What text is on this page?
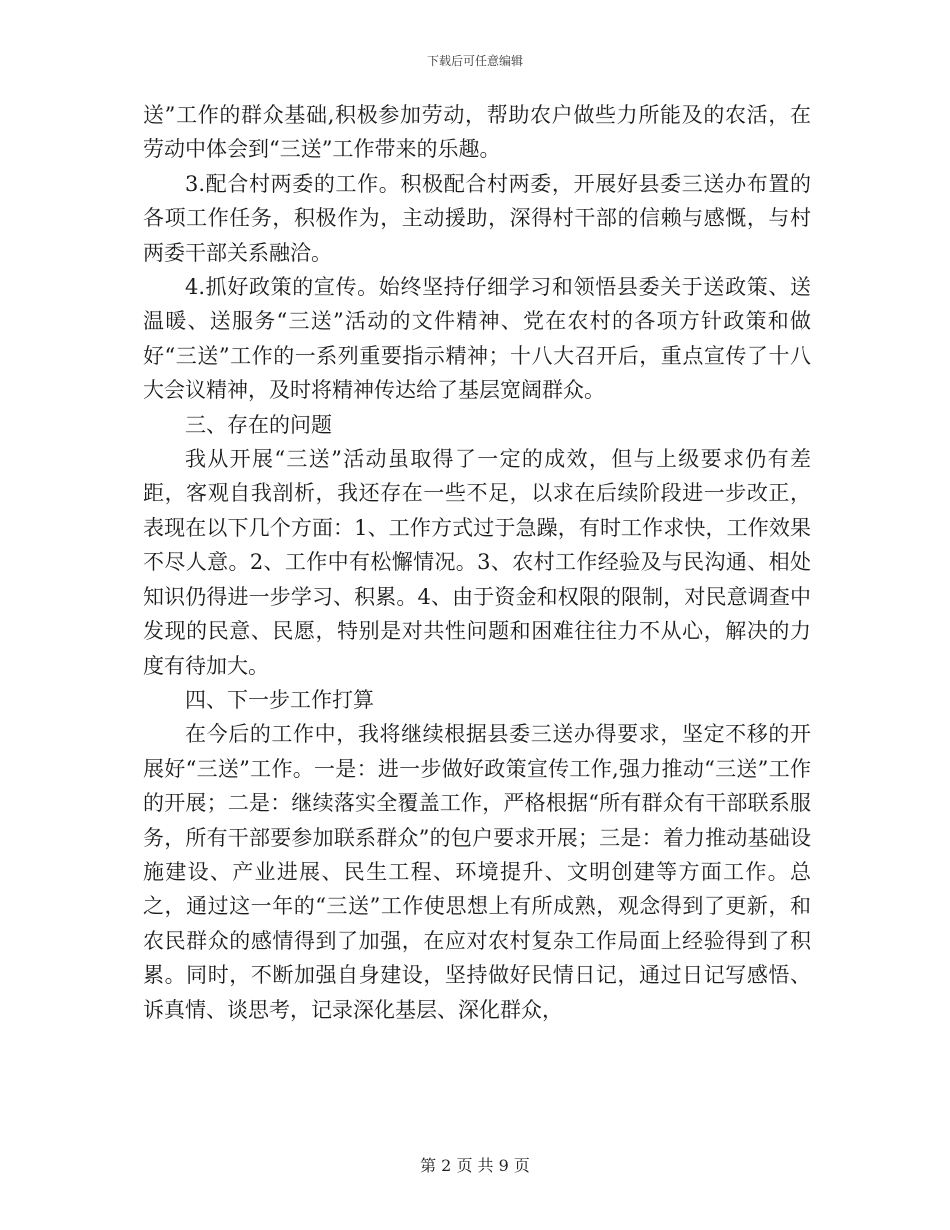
下载后可任意编辑

送”工作的群众基础,积极参加劳动，帮助农户做些力所能及的农活，在劳动中体会到“三送”工作带来的乐趣。

3.配合村两委的工作。积极配合村两委，开展好县委三送办布置的各项工作任务，积极作为，主动援助，深得村干部的信赖与感慨，与村两委干部关系融洽。

4.抓好政策的宣传。始终坚持仔细学习和领悟县委关于送政策、送温暖、送服务“三送”活动的文件精神、党在农村的各项方针政策和做好“三送”工作的一系列重要指示精神；十八大召开后，重点宣传了十八大会议精神，及时将精神传达给了基层宽阔群众。

三、存在的问题

我从开展“三送”活动虽取得了一定的成效，但与上级要求仍有差距，客观自我剖析，我还存在一些不足，以求在后续阶段进一步改正，表现在以下几个方面：1、工作方式过于急躁，有时工作求快，工作效果不尽人意。2、工作中有松懈情况。3、农村工作经验及与民沟通、相处知识仍得进一步学习、积累。4、由于资金和权限的限制，对民意调查中发现的民意、民愿，特别是对共性问题和困难往往力不从心，解决的力度有待加大。

四、下一步工作打算

在今后的工作中，我将继续根据县委三送办得要求，坚定不移的开展好“三送”工作。一是：进一步做好政策宣传工作,强力推动“三送”工作的开展；二是：继续落实全覆盖工作，严格根据“所有群众有干部联系服务，所有干部要参加联系群众”的包户要求开展；三是：着力推动基础设施建设、产业进展、民生工程、环境提升、文明创建等方面工作。总之，通过这一年的“三送”工作使思想上有所成熟，观念得到了更新，和农民群众的感情得到了加强，在应对农村复杂工作局面上经验得到了积累。同时，不断加强自身建设，坚持做好民情日记，通过日记写感悟、诉真情、谈思考，记录深化基层、深化群众，

第 2 页 共 9 页
